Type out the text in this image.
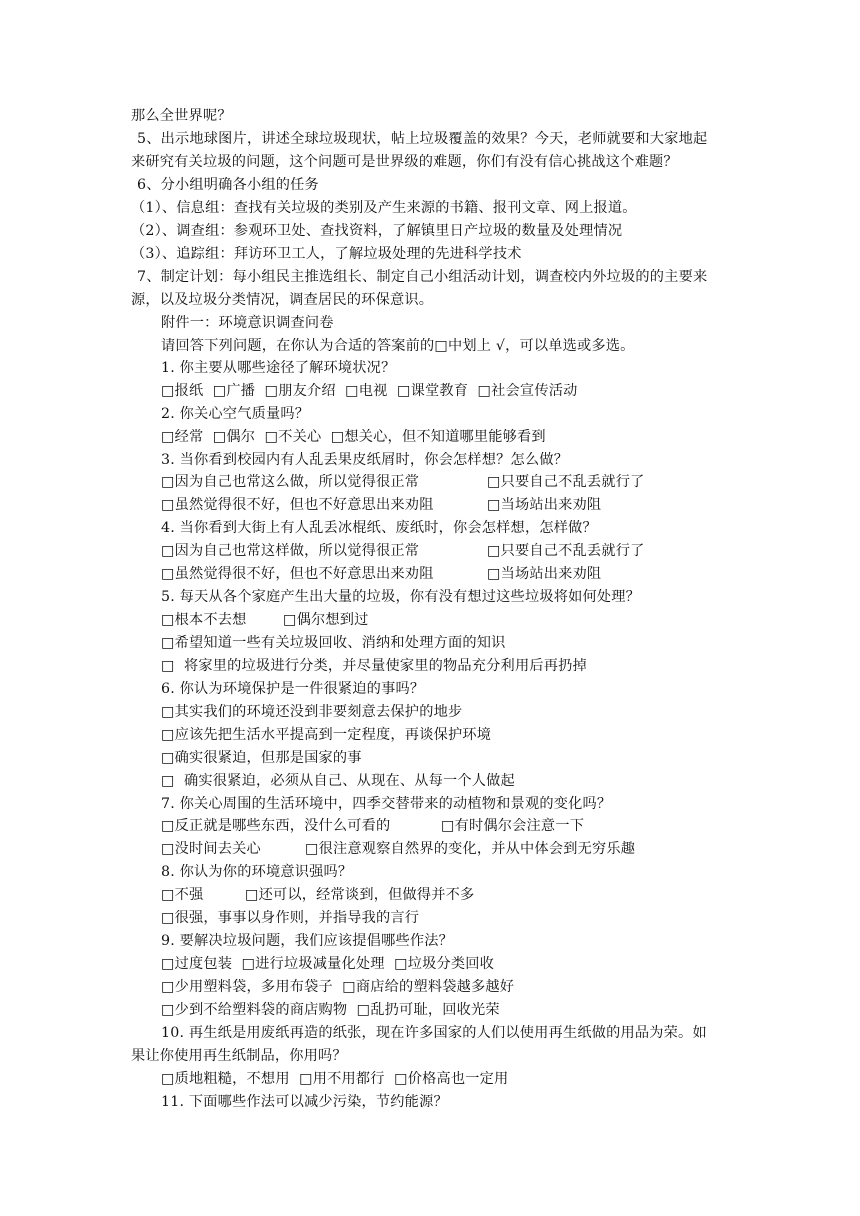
那么全世界呢？
5、出示地球图片，讲述全球垃圾现状，帖上垃圾覆盖的效果？今天，老师就要和大家地起
来研究有关垃圾的问题，这个问题可是世界级的难题，你们有没有信心挑战这个难题？
6、分小组明确各小组的任务
（1）、信息组：查找有关垃圾的类别及产生来源的书籍、报刊文章、网上报道。
（2）、调查组：参观环卫处、查找资料，了解镇里日产垃圾的数量及处理情况
（3）、追踪组：拜访环卫工人，了解垃圾处理的先进科学技术
7、制定计划：每小组民主推选组长、制定自己小组活动计划，调查校内外垃圾的的主要来
源，以及垃圾分类情况，调查居民的环保意识。
附件一：环境意识调查问卷
请回答下列问题，在你认为合适的答案前的□中划上 √，可以单选或多选。
1. 你主要从哪些途径了解环境状况？
□报纸  □广播  □朋友介绍  □电视  □课堂教育  □社会宣传活动
2. 你关心空气质量吗？
□经常  □偶尔  □不关心  □想关心，但不知道哪里能够看到
3. 当你看到校园内有人乱丢果皮纸屑时，你会怎样想？怎么做？
□因为自己也常这么做，所以觉得很正常	□只要自己不乱丢就行了
□虽然觉得很不好，但也不好意思出来劝阻	□当场站出来劝阻
4. 当你看到大街上有人乱丢冰棍纸、废纸时，你会怎样想，怎样做？
□因为自己也常这样做，所以觉得很正常	□只要自己不乱丢就行了
□虽然觉得很不好，但也不好意思出来劝阻	□当场站出来劝阻
5. 每天从各个家庭产生出大量的垃圾，你有没有想过这些垃圾将如何处理？
□根本不去想	□偶尔想到过
□希望知道一些有关垃圾回收、消纳和处理方面的知识
□  将家里的垃圾进行分类，并尽量使家里的物品充分利用后再扔掉
6. 你认为环境保护是一件很紧迫的事吗？
□其实我们的环境还没到非要刻意去保护的地步
□应该先把生活水平提高到一定程度，再谈保护环境
□确实很紧迫，但那是国家的事
□  确实很紧迫，必须从自己、从现在、从每一个人做起
7. 你关心周围的生活环境中，四季交替带来的动植物和景观的变化吗？
□反正就是哪些东西，没什么可看的	□有时偶尔会注意一下
□没时间去关心	□很注意观察自然界的变化，并从中体会到无穷乐趣
8. 你认为你的环境意识强吗？
□不强	□还可以，经常谈到，但做得并不多
□很强，事事以身作则，并指导我的言行
9. 要解决垃圾问题，我们应该提倡哪些作法？
□过度包装  □进行垃圾减量化处理  □垃圾分类回收
□少用塑料袋，多用布袋子  □商店给的塑料袋越多越好
□少到不给塑料袋的商店购物  □乱扔可耻，回收光荣
10. 再生纸是用废纸再造的纸张，现在许多国家的人们以使用再生纸做的用品为荣。如
果让你使用再生纸制品，你用吗？
□质地粗糙，不想用  □用不用都行  □价格高也一定用
11. 下面哪些作法可以减少污染，节约能源？
